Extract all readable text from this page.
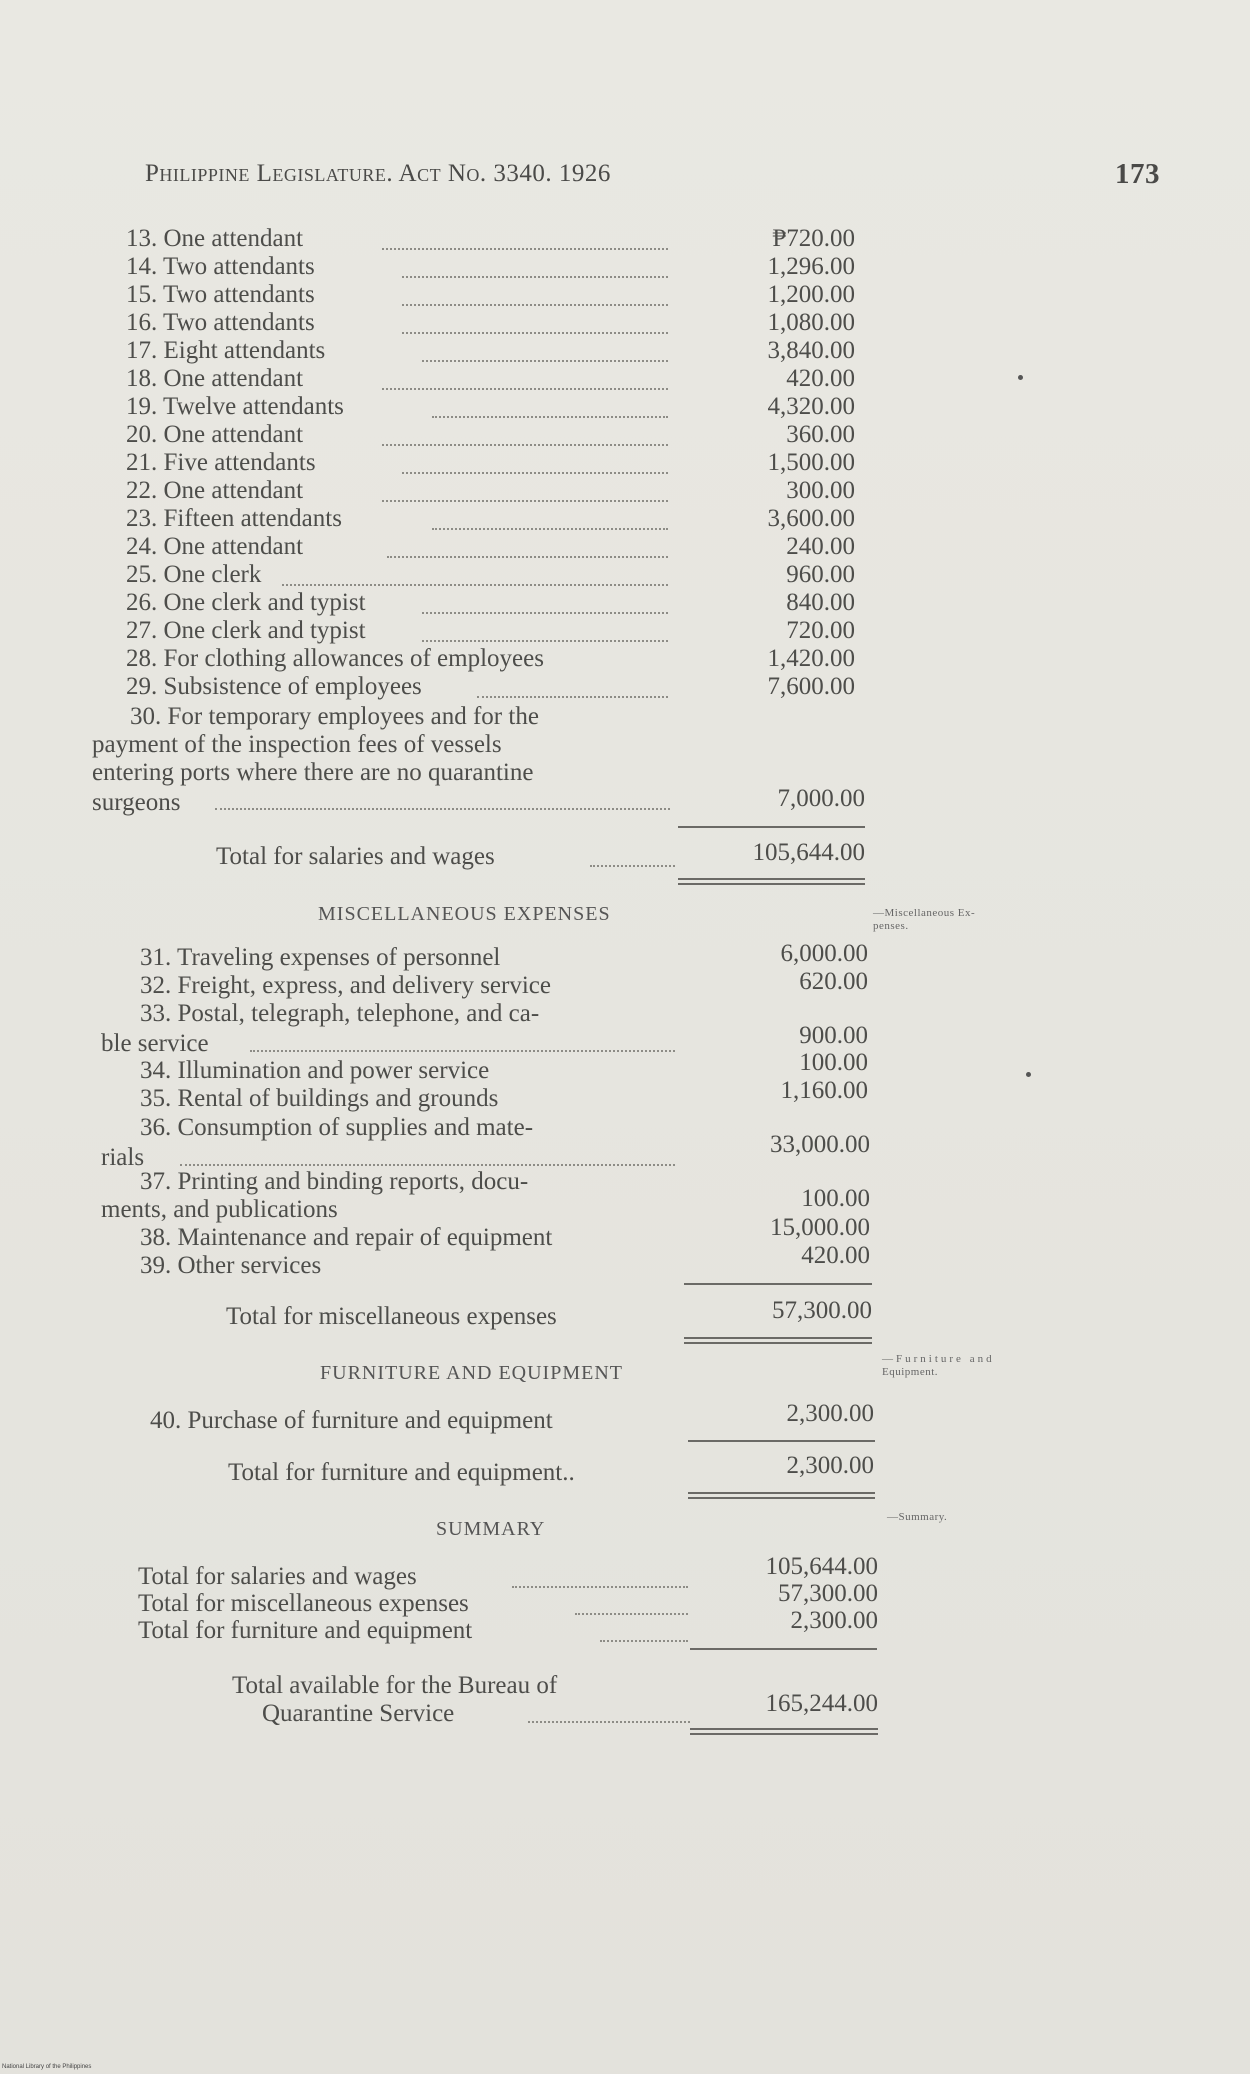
Philippine Legislature. Act No. 3340. 1926	173
13. One attendant	₱720.00
14. Two attendants	1,296.00
15. Two attendants	1,200.00
16. Two attendants	1,080.00
17. Eight attendants	3,840.00
18. One attendant	420.00
19. Twelve attendants	4,320.00
20. One attendant	360.00
21. Five attendants	1,500.00
22. One attendant	300.00
23. Fifteen attendants	3,600.00
24. One attendant	240.00
25. One clerk	960.00
26. One clerk and typist	840.00
27. One clerk and typist	720.00
28. For clothing allowances of employees	1,420.00
29. Subsistence of employees	7,600.00
30. For temporary employees and for the
payment of the inspection fees of vessels
entering ports where there are no quarantine
surgeons	7,000.00
Total for salaries and wages	105,644.00
MISCELLANEOUS EXPENSES	—Miscellaneous Ex-
penses.
31. Traveling expenses of personnel	6,000.00
32. Freight, express, and delivery service	620.00
33. Postal, telegraph, telephone, and ca-
ble service	900.00
34. Illumination and power service	100.00
35. Rental of buildings and grounds	1,160.00
36. Consumption of supplies and mate-
rials	33,000.00
37. Printing and binding reports, docu-
ments, and publications	100.00
38. Maintenance and repair of equipment	15,000.00
39. Other services	420.00
Total for miscellaneous expenses	57,300.00
FURNITURE AND EQUIPMENT
—Furniture and
Equipment.
40. Purchase of furniture and equipment	2,300.00
Total for furniture and equipment..	2,300.00
SUMMARY
—Summary.
Total for salaries and wages	105,644.00
Total for miscellaneous expenses	57,300.00
Total for furniture and equipment	2,300.00
Total available for the Bureau of
Quarantine Service	165,244.00
National Library of the Philippines
